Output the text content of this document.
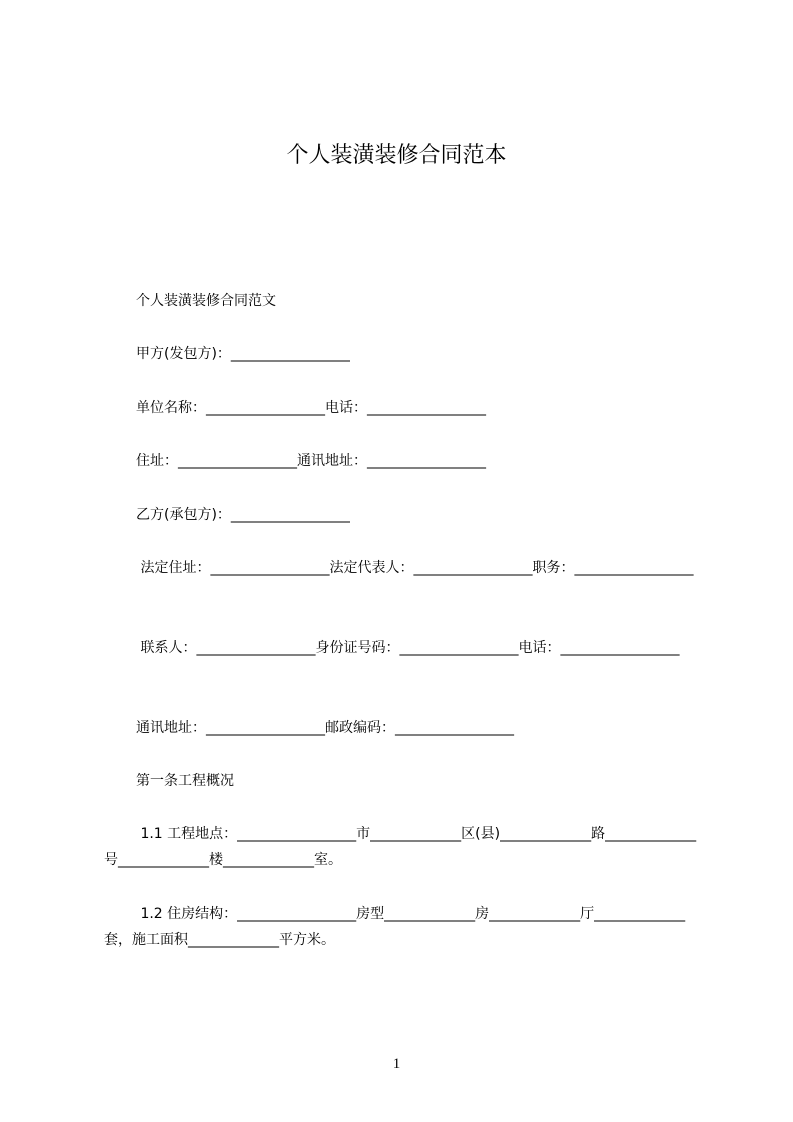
个人装潢装修合同范本
个人装潢装修合同范文
甲方(发包方)：_________________
单位名称：_________________电话：_________________
住址：_________________通讯地址：_________________
乙方(承包方)：_________________
法定住址：_________________法定代表人：_________________职务：_________________
联系人：_________________身份证号码：_________________电话：_________________
通讯地址：_________________邮政编码：_________________
第一条工程概况
1.1 工程地点：_________________市_____________区(县)_____________路_____________号_____________楼_____________室。
1.2 住房结构：_________________房型_____________房_____________厅_____________套，施工面积_____________平方米。
1
